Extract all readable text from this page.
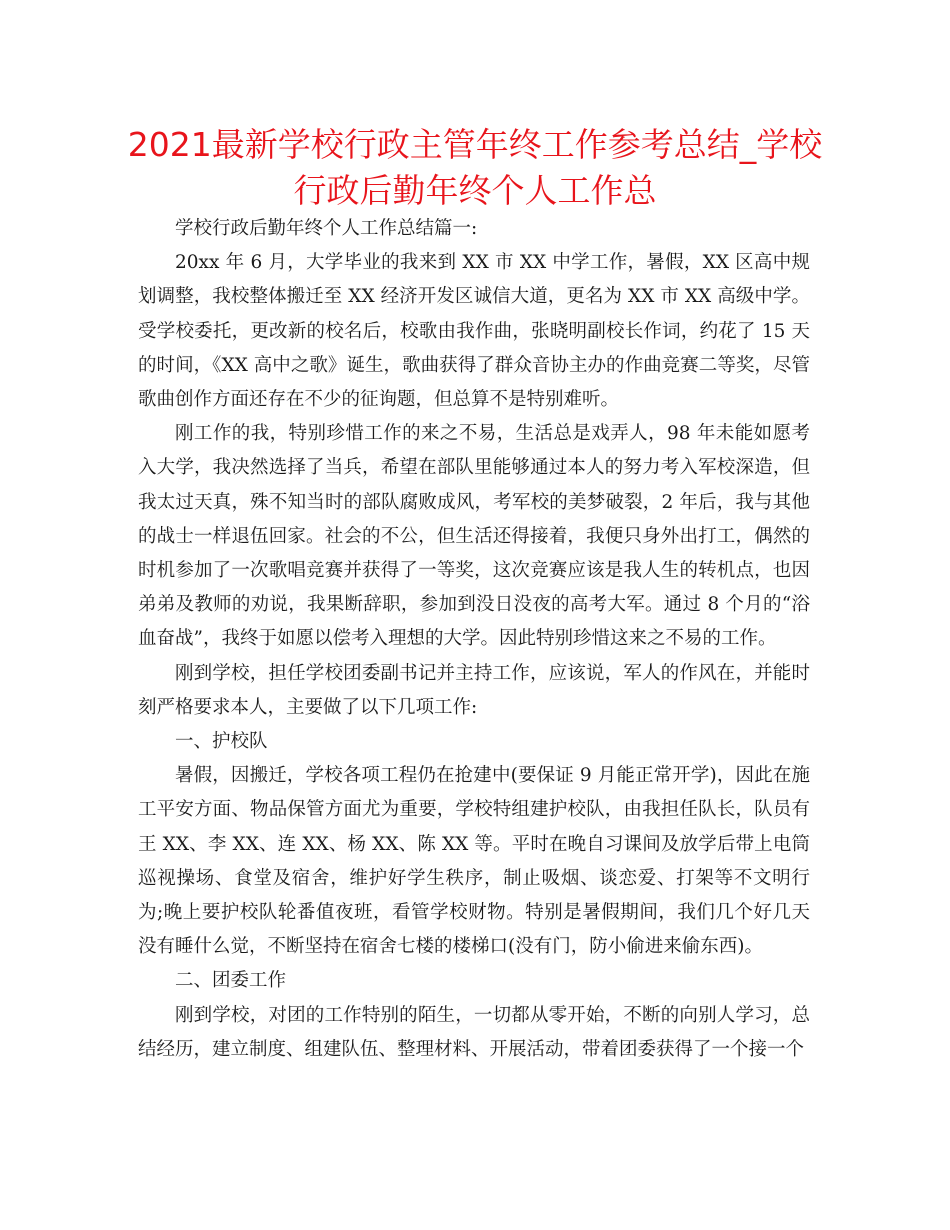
2021最新学校行政主管年终工作参考总结_学校
行政后勤年终个人工作总

学校行政后勤年终个人工作总结篇一:

20xx 年 6 月，大学毕业的我来到 XX 市 XX 中学工作，暑假，XX 区高中规划调整，我校整体搬迁至 XX 经济开发区诚信大道，更名为 XX 市 XX 高级中学。受学校委托，更改新的校名后，校歌由我作曲，张晓明副校长作词，约花了 15 天的时间，《XX 高中之歌》诞生，歌曲获得了群众音协主办的作曲竞赛二等奖，尽管歌曲创作方面还存在不少的征询题，但总算不是特别难听。

刚工作的我，特别珍惜工作的来之不易，生活总是戏弄人，98 年未能如愿考入大学，我决然选择了当兵，希望在部队里能够通过本人的努力考入军校深造，但我太过天真，殊不知当时的部队腐败成风，考军校的美梦破裂，2 年后，我与其他的战士一样退伍回家。社会的不公，但生活还得接着，我便只身外出打工，偶然的时机参加了一次歌唱竞赛并获得了一等奖，这次竞赛应该是我人生的转机点，也因弟弟及教师的劝说，我果断辞职，参加到没日没夜的高考大军。通过 8 个月的“浴血奋战”，我终于如愿以偿考入理想的大学。因此特别珍惜这来之不易的工作。

刚到学校，担任学校团委副书记并主持工作，应该说，军人的作风在，并能时刻严格要求本人，主要做了以下几项工作:

一、护校队

暑假，因搬迁，学校各项工程仍在抢建中(要保证 9 月能正常开学)，因此在施工平安方面、物品保管方面尤为重要，学校特组建护校队，由我担任队长，队员有王 XX、李 XX、连 XX、杨 XX、陈 XX 等。平时在晚自习课间及放学后带上电筒巡视操场、食堂及宿舍，维护好学生秩序，制止吸烟、谈恋爱、打架等不文明行为;晚上要护校队轮番值夜班，看管学校财物。特别是暑假期间，我们几个好几天没有睡什么觉，不断坚持在宿舍七楼的楼梯口(没有门，防小偷进来偷东西)。

二、团委工作

刚到学校，对团的工作特别的陌生，一切都从零开始，不断的向别人学习，总结经历，建立制度、组建队伍、整理材料、开展活动，带着团委获得了一个接一个
